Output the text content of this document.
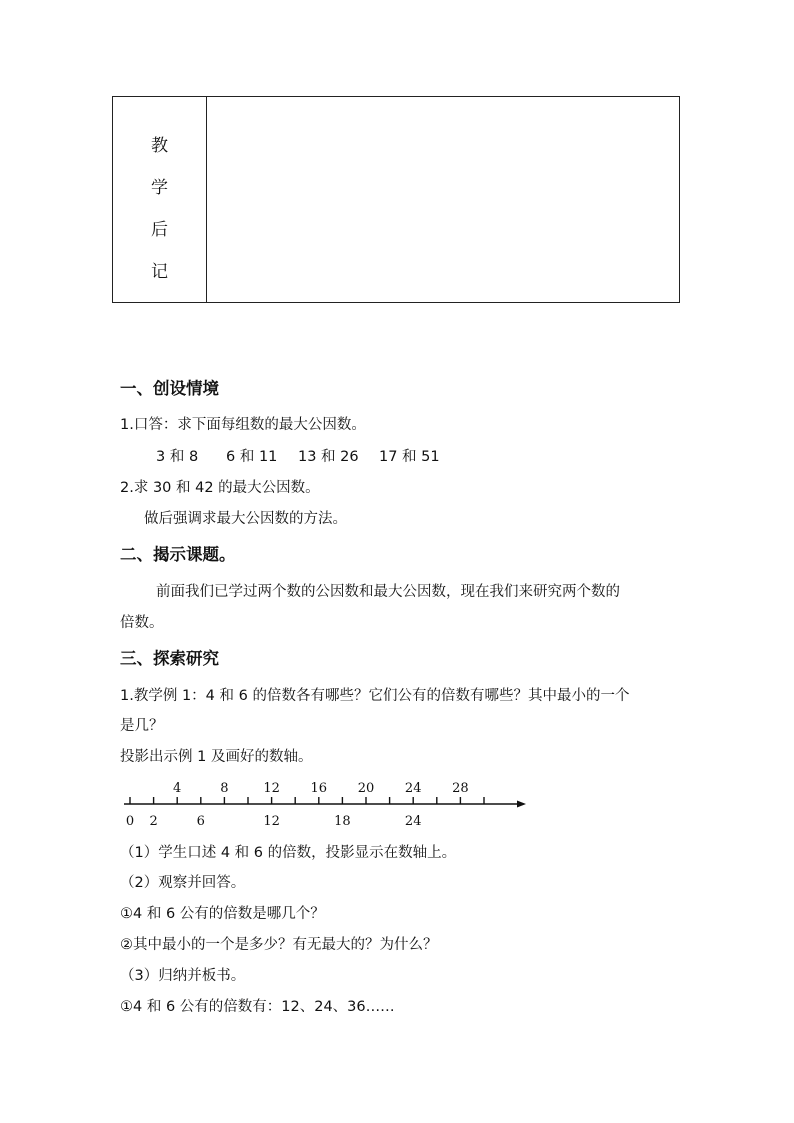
教
学
后
记
一、创设情境
1.口答：求下面每组数的最大公因数。
3 和 8 6 和 11 13 和 26 17 和 51
2.求 30 和 42 的最大公因数。
做后强调求最大公因数的方法。
二、揭示课题。
前面我们已学过两个数的公因数和最大公因数，现在我们来研究两个数的
倍数。
三、探索研究
1.教学例 1：4 和 6 的倍数各有哪些？它们公有的倍数有哪些？其中最小的一个
是几？
投影出示例 1 及画好的数轴。
4	8	12 16 20 24 28
0 2	6	12	18	24
（1）学生口述 4 和 6 的倍数，投影显示在数轴上。
（2）观察并回答。
①4 和 6 公有的倍数是哪几个？
②其中最小的一个是多少？有无最大的？为什么？
（3）归纳并板书。
①4 和 6 公有的倍数有：12、24、36……
